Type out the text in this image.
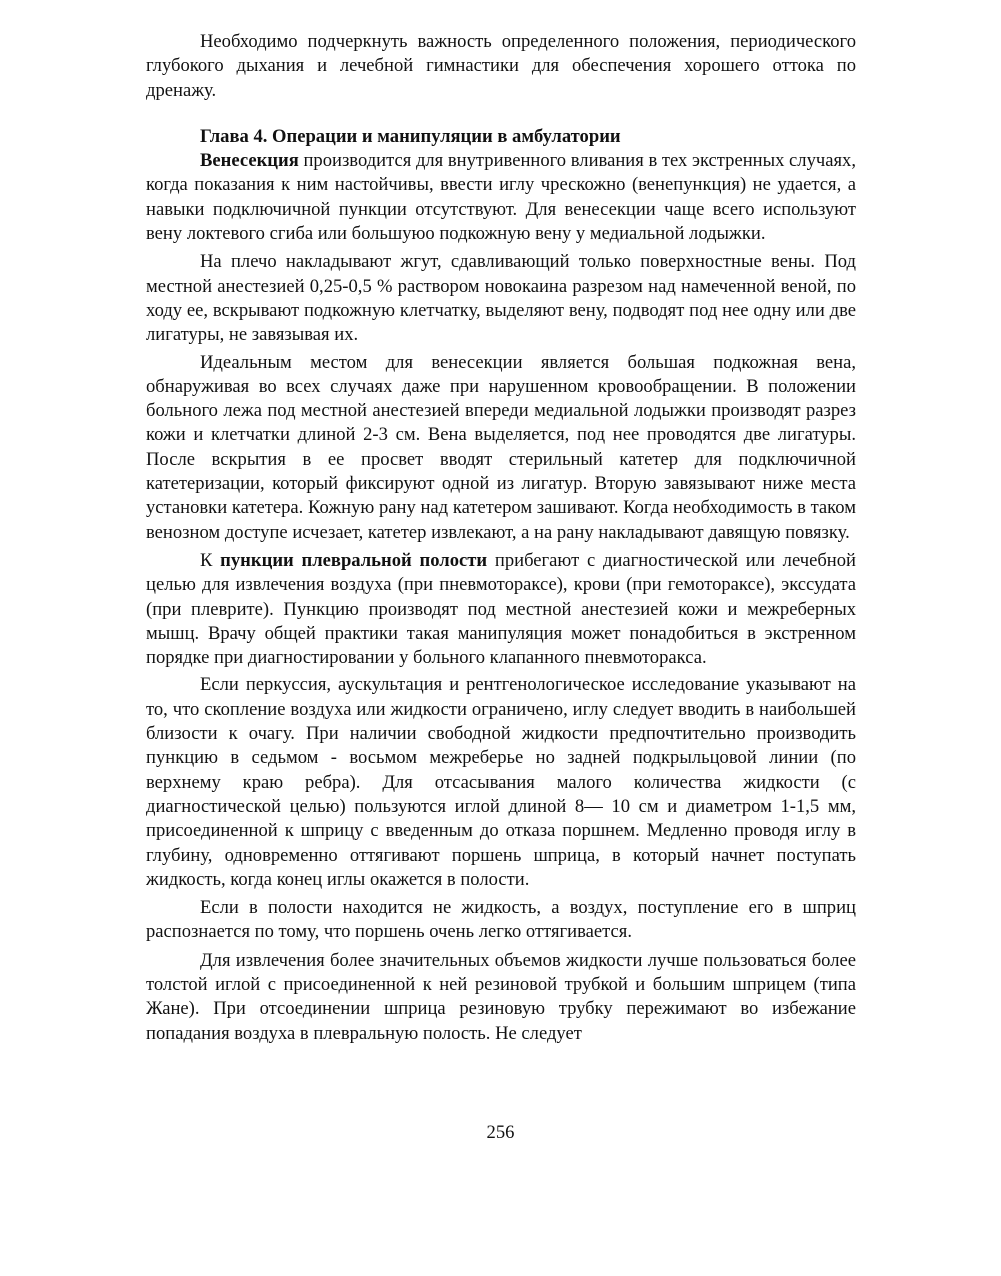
Необходимо подчеркнуть важность определенного положения, периодического глубокого дыхания и лечебной гимнастики для обеспечения хорошего оттока по дренажу.

Глава 4. Операции и манипуляции в амбулатории

Венесекция производится для внутривенного вливания в тех экстренных случаях, когда показания к ним настойчивы, ввести иглу чрескожно (венепункция) не удается, а навыки подключичной пункции отсутствуют. Для венесекции чаще всего используют вену локтевого сгиба или большуюо подкожную вену у медиальной лодыжки.

На плечо накладывают жгут, сдавливающий только поверхностные вены. Под местной анестезией 0,25-0,5 % раствором новокаина разрезом над намеченной веной, по ходу ее, вскрывают подкожную клетчатку, выделяют вену, подводят под нее одну или две лигатуры, не завязывая их.

Идеальным местом для венесекции является большая подкожная вена, обнаруживая во всех случаях даже при нарушенном кровообращении. В положении больного лежа под местной анестезией впереди медиальной лодыжки производят разрез кожи и клетчатки длиной 2-3 см. Вена выделяется, под нее проводятся две лигатуры. После вскрытия в ее просвет вводят стерильный катетер для подключичной катетеризации, который фиксируют одной из лигатур. Вторую завязывают ниже места установки катетера. Кожную рану над катетером зашивают. Когда необходимость в таком венозном доступе исчезает, катетер извлекают, а на рану накладывают давящую повязку.

К пункции плевральной полости прибегают с диагностической или лечебной целью для извлечения воздуха (при пневмотораксе), крови (при гемотораксе), экссудата (при плеврите). Пункцию производят под местной анестезией кожи и межреберных мышц. Врачу общей практики такая манипуляция может понадобиться в экстренном порядке при диагностировании у больного клапанного пневмоторакса.

Если перкуссия, аускультация и рентгенологическое исследование указывают на то, что скопление воздуха или жидкости ограничено, иглу следует вводить в наибольшей близости к очагу. При наличии свободной жидкости предпочтительно производить пункцию в седьмом - восьмом межреберье но задней подкрыльцовой линии (по верхнему краю ребра). Для отсасывания малого количества жидкости (с диагностической целью) пользуются иглой длиной 8— 10 см и диаметром 1-1,5 мм, присоединенной к шприцу с введенным до отказа поршнем. Медленно проводя иглу в глубину, одновременно оттягивают поршень шприца, в который начнет поступать жидкость, когда конец иглы окажется в полости.

Если в полости находится не жидкость, а воздух, поступление его в шприц распознается по тому, что поршень очень легко оттягивается.

Для извлечения более значительных объемов жидкости лучше пользоваться более толстой иглой с присоединенной к ней резиновой трубкой и большим шприцем (типа Жане). При отсоединении шприца резиновую трубку пережимают во избежание попадания воздуха в плевральную полость. Не следует

256
